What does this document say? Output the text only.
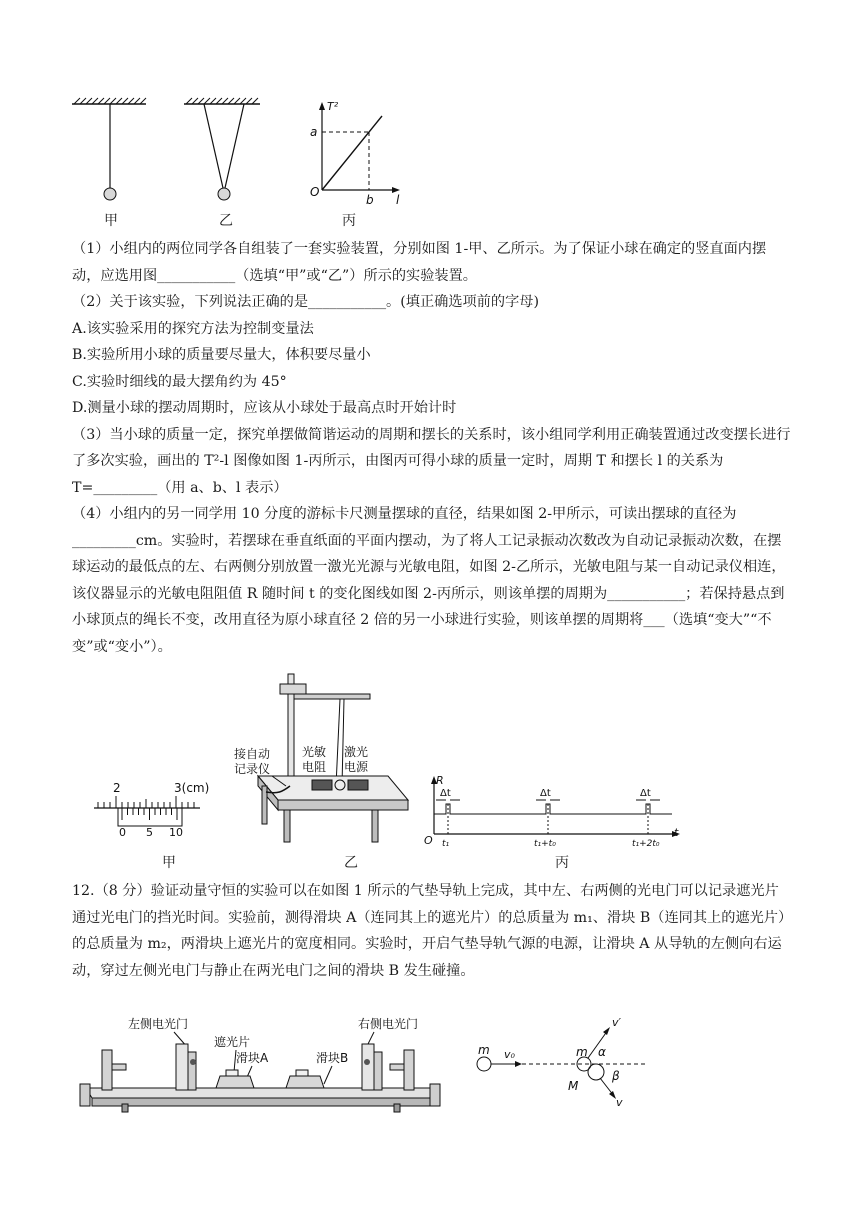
T²
a
O
b l
甲	乙	丙

（1）小组内的两位同学各自组装了一套实验装置，分别如图 1-甲、乙所示。为了保证小球在确定的竖直面内摆动，应选用图___________（选填“甲”或“乙”）所示的实验装置。

（2）关于该实验，下列说法正确的是___________。(填正确选项前的字母)

A.该实验采用的探究方法为控制变量法

B.实验所用小球的质量要尽量大，体积要尽量小

C.实验时细线的最大摆角约为 45°

D.测量小球的摆动周期时，应该从小球处于最高点时开始计时

（3）当小球的质量一定，探究单摆做简谐运动的周期和摆长的关系时，该小组同学利用正确装置通过改变摆长进行了多次实验，画出的 T²-l 图像如图 1-丙所示，由图丙可得小球的质量一定时，周期 T 和摆长 l 的关系为 T=_________（用 a、b、l 表示）

（4）小组内的另一同学用 10 分度的游标卡尺测量摆球的直径，结果如图 2-甲所示，可读出摆球的直径为_________cm。实验时，若摆球在垂直纸面的平面内摆动，为了将人工记录振动次数改为自动记录振动次数，在摆球运动的最低点的左、右两侧分别放置一激光光源与光敏电阻，如图 2-乙所示，光敏电阻与某一自动记录仪相连，该仪器显示的光敏电阻阻值 R 随时间 t 的变化图线如图 2-丙所示，则该单摆的周期为___________；若保持悬点到小球顶点的绳长不变，改用直径为原小球直径 2 倍的另一小球进行实验，则该单摆的周期将___（选填“变大”“不变”或“变小”）。

2	3(cm)
0 5 10
接自动
记录仪
光敏
电阻
激光
电源
R
O
t
Δt	Δt	Δt
t₁	t₁+t₀	t₁+2t₀
甲	乙	丙
12.（8 分）验证动量守恒的实验可以在如图 1 所示的气垫导轨上完成，其中左、右两侧的光电门可以记录遮光片通过光电门的挡光时间。实验前，测得滑块 A（连同其上的遮光片）的总质量为 m₁、滑块 B（连同其上的遮光片）的总质量为 m₂，两滑块上遮光片的宽度相同。实验时，开启气垫导轨气源的电源，让滑块 A 从导轨的左侧向右运动，穿过左侧光电门与静止在两光电门之间的滑块 B 发生碰撞。
左侧电光门	右侧电光门
遮光片
滑块A	滑块B
m v₀	m
M
v′
v
α
β
